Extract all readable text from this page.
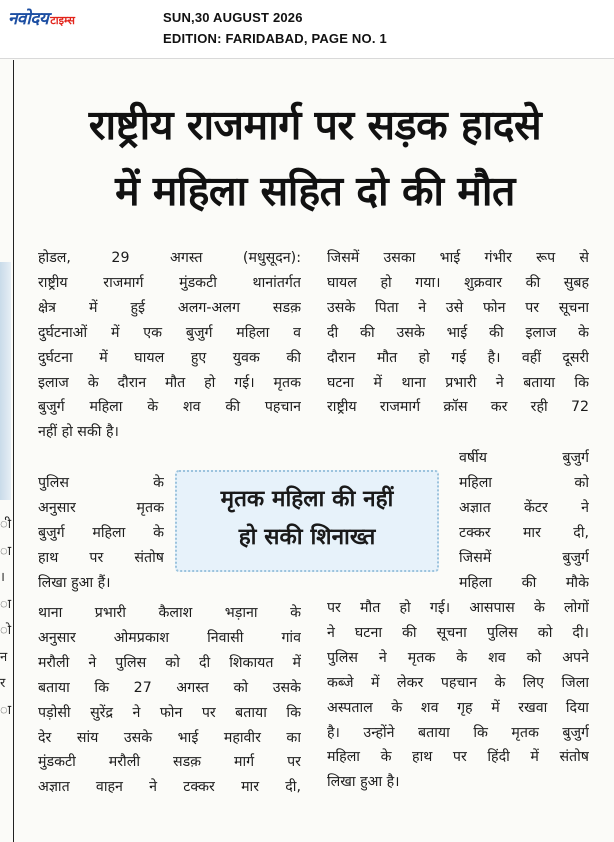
नवोदय टाइम्स	SUN,30 AUGUST 2026
EDITION: FARIDABAD, PAGE NO. 1
ी
ा
।
ा
ो
न
र
ा
राष्ट्रीय राजमार्ग पर सड़क हादसे
में महिला सहित दो की मौत
होडल, 29 अगस्त (मधुसूदन):
राष्ट्रीय राजमार्ग मुंडकटी थानांतर्गत
क्षेत्र में हुई अलग-अलग सडक़
दुर्घटनाओं में एक बुजुर्ग महिला व
दुर्घटना में घायल हुए युवक की
इलाज के दौरान मौत हो गई। मृतक
बुजुर्ग महिला के शव की पहचान
नहीं हो सकी है।
पुलिस के
अनुसार मृतक
बुजुर्ग महिला के
हाथ पर संतोष
लिखा हुआ हैं।
थाना प्रभारी कैलाश भड़ाना के
अनुसार ओमप्रकाश निवासी गांव
मरौली ने पुलिस को दी शिकायत में
बताया कि 27 अगस्त को उसके
पड़ोसी सुरेंद्र ने फोन पर बताया कि
देर सांय उसके भाई महावीर का
मुंडकटी मरौली सडक़ मार्ग पर
अज्ञात वाहन ने टक्कर मार दी,
जिसमें उसका भाई गंभीर रूप से
घायल हो गया। शुक्रवार की सुबह
उसके पिता ने उसे फोन पर सूचना
दी की उसके भाई की इलाज के
दौरान मौत हो गई है। वहीं दूसरी
घटना में थाना प्रभारी ने बताया कि
राष्ट्रीय राजमार्ग क्रॉस कर रही 72
वर्षीय बुजुर्ग
महिला को
अज्ञात केंटर ने
टक्कर मार दी,
जिसमें बुजुर्ग
महिला की मौके
पर मौत हो गई। आसपास के लोगों
ने घटना की सूचना पुलिस को दी।
पुलिस ने मृतक के शव को अपने
कब्जे में लेकर पहचान के लिए जिला
अस्पताल के शव गृह में रखवा दिया
है। उन्होंने बताया कि मृतक बुजुर्ग
महिला के हाथ पर हिंदी में संतोष
लिखा हुआ है।
मृतक महिला की नहीं
हो सकी शिनाख्त
